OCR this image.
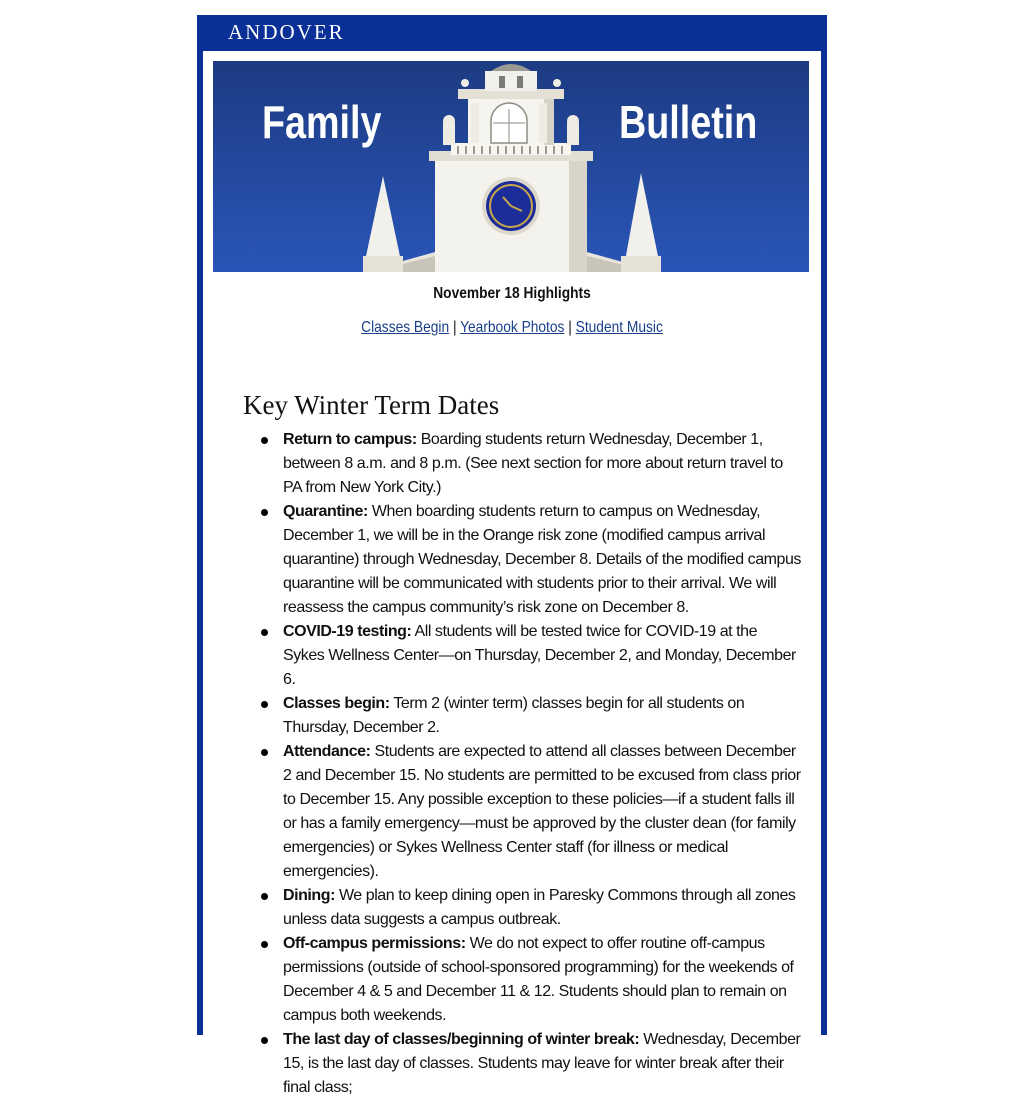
ANDOVER
Family	Bulletin
November 18 Highlights
Classes Begin | Yearbook Photos | Student Music
Key Winter Term Dates
Return to campus: Boarding students return Wednesday, December 1, between 8 a.m. and 8 p.m. (See next section for more about return travel to PA from New York City.)
Quarantine: When boarding students return to campus on Wednesday, December 1, we will be in the Orange risk zone (modified campus arrival quarantine) through Wednesday, December 8. Details of the modified campus quarantine will be communicated with students prior to their arrival. We will reassess the campus community’s risk zone on December 8.
COVID-19 testing: All students will be tested twice for COVID-19 at the Sykes Wellness Center—on Thursday, December 2, and Monday, December 6.
Classes begin: Term 2 (winter term) classes begin for all students on Thursday, December 2.
Attendance: Students are expected to attend all classes between December 2 and December 15. No students are permitted to be excused from class prior to December 15. Any possible exception to these policies—if a student falls ill or has a family emergency—must be approved by the cluster dean (for family emergencies) or Sykes Wellness Center staff (for illness or medical emergencies).
Dining: We plan to keep dining open in Paresky Commons through all zones unless data suggests a campus outbreak.
Off-campus permissions: We do not expect to offer routine off-campus permissions (outside of school-sponsored programming) for the weekends of December 4 & 5 and December 11 & 12. Students should plan to remain on campus both weekends.
The last day of classes/beginning of winter break: Wednesday, December 15, is the last day of classes. Students may leave for winter break after their final class;
